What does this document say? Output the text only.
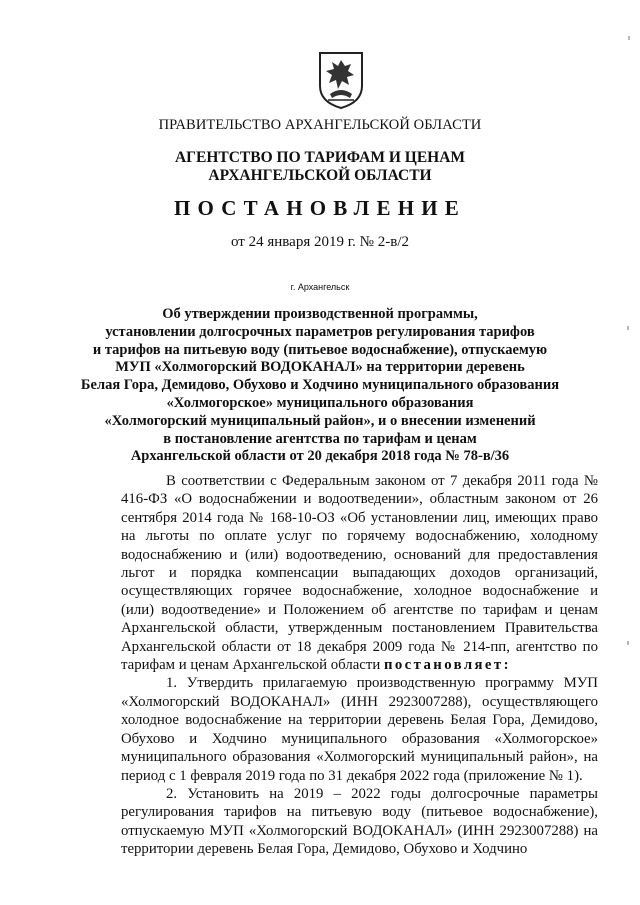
ПРАВИТЕЛЬСТВО АРХАНГЕЛЬСКОЙ ОБЛАСТИ
АГЕНТСТВО ПО ТАРИФАМ И ЦЕНАМ
АРХАНГЕЛЬСКОЙ ОБЛАСТИ
ПОСТАНОВЛЕНИЕ
от 24 января 2019 г. № 2-в/2
г. Архангельск
Об утверждении производственной программы,
установлении долгосрочных параметров регулирования тарифов
и тарифов на питьевую воду (питьевое водоснабжение), отпускаемую
МУП «Холмогорский ВОДОКАНАЛ» на территории деревень
Белая Гора, Демидово, Обухово и Ходчино муниципального образования
«Холмогорское» муниципального образования
«Холмогорский муниципальный район», и о внесении изменений
в постановление агентства по тарифам и ценам
Архангельской области от 20 декабря 2018 года № 78-в/36

В соответствии с Федеральным законом от 7 декабря 2011 года № 416-ФЗ «О водоснабжении и водоотведении», областным законом от 26 сентября 2014 года № 168-10-ОЗ «Об установлении лиц, имеющих право на льготы по оплате услуг по горячему водоснабжению, холодному водоснабжению и (или) водоотведению, оснований для предоставления льгот и порядка компенсации выпадающих доходов организаций, осуществляющих горячее водоснабжение, холодное водоснабжение и (или) водоотведение» и Положением об агентстве по тарифам и ценам Архангельской области, утвержденным постановлением Правительства Архангельской области от 18 декабря 2009 года № 214-пп, агентство по тарифам и ценам Архангельской области постановляет:

1. Утвердить прилагаемую производственную программу МУП «Холмогорский ВОДОКАНАЛ» (ИНН 2923007288), осуществляющего холодное водоснабжение на территории деревень Белая Гора, Демидово, Обухово и Ходчино муниципального образования «Холмогорское» муниципального образования «Холмогорский муниципальный район», на период с 1 февраля 2019 года по 31 декабря 2022 года (приложение № 1).

2. Установить на 2019 – 2022 годы долгосрочные параметры регулирования тарифов на питьевую воду (питьевое водоснабжение), отпускаемую МУП «Холмогорский ВОДОКАНАЛ» (ИНН 2923007288) на территории деревень Белая Гора, Демидово, Обухово и Ходчино
